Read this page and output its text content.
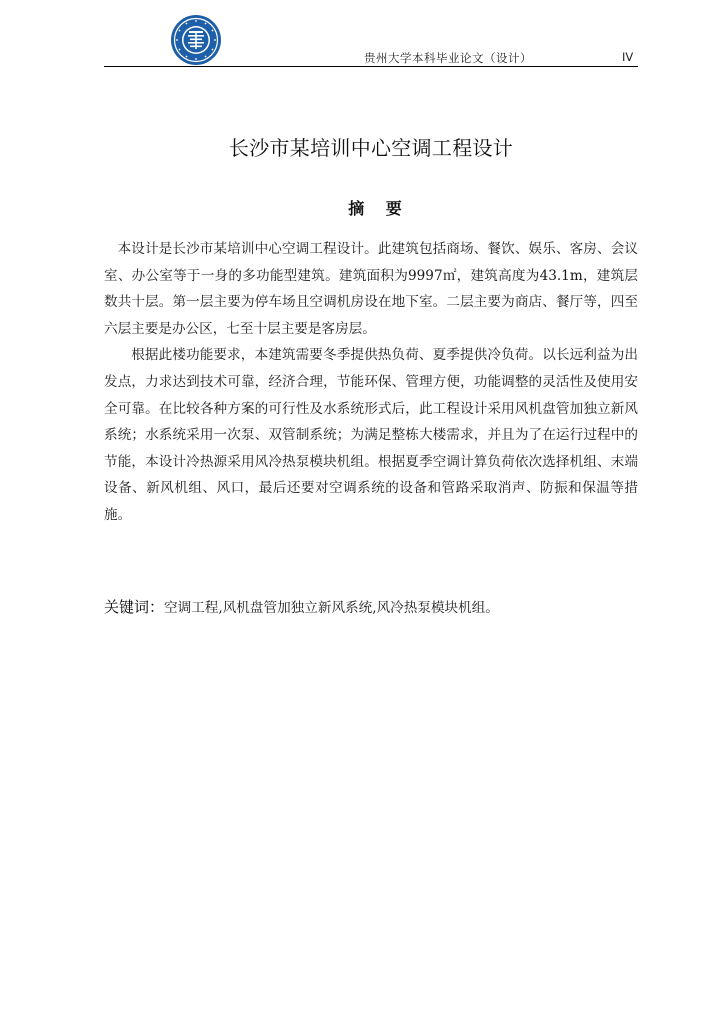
贵州大学本科毕业论文（设计）	IV
长沙市某培训中心空调工程设计
摘 要

本设计是长沙市某培训中心空调工程设计。此建筑包括商场、餐饮、娱乐、客房、会议室、办公室等于一身的多功能型建筑。建筑面积为9997㎡，建筑高度为43.1m，建筑层数共十层。第一层主要为停车场且空调机房设在地下室。二层主要为商店、餐厅等，四至六层主要是办公区，七至十层主要是客房层。

根据此楼功能要求，本建筑需要冬季提供热负荷、夏季提供冷负荷。以长远利益为出发点，力求达到技术可靠，经济合理，节能环保、管理方便，功能调整的灵活性及使用安全可靠。在比较各种方案的可行性及水系统形式后，此工程设计采用风机盘管加独立新风系统；水系统采用一次泵、双管制系统；为满足整栋大楼需求，并且为了在运行过程中的节能，本设计冷热源采用风冷热泵模块机组。根据夏季空调计算负荷依次选择机组、末端设备、新风机组、风口，最后还要对空调系统的设备和管路采取消声、防振和保温等措施。

关键词：空调工程,风机盘管加独立新风系统,风冷热泵模块机组。
